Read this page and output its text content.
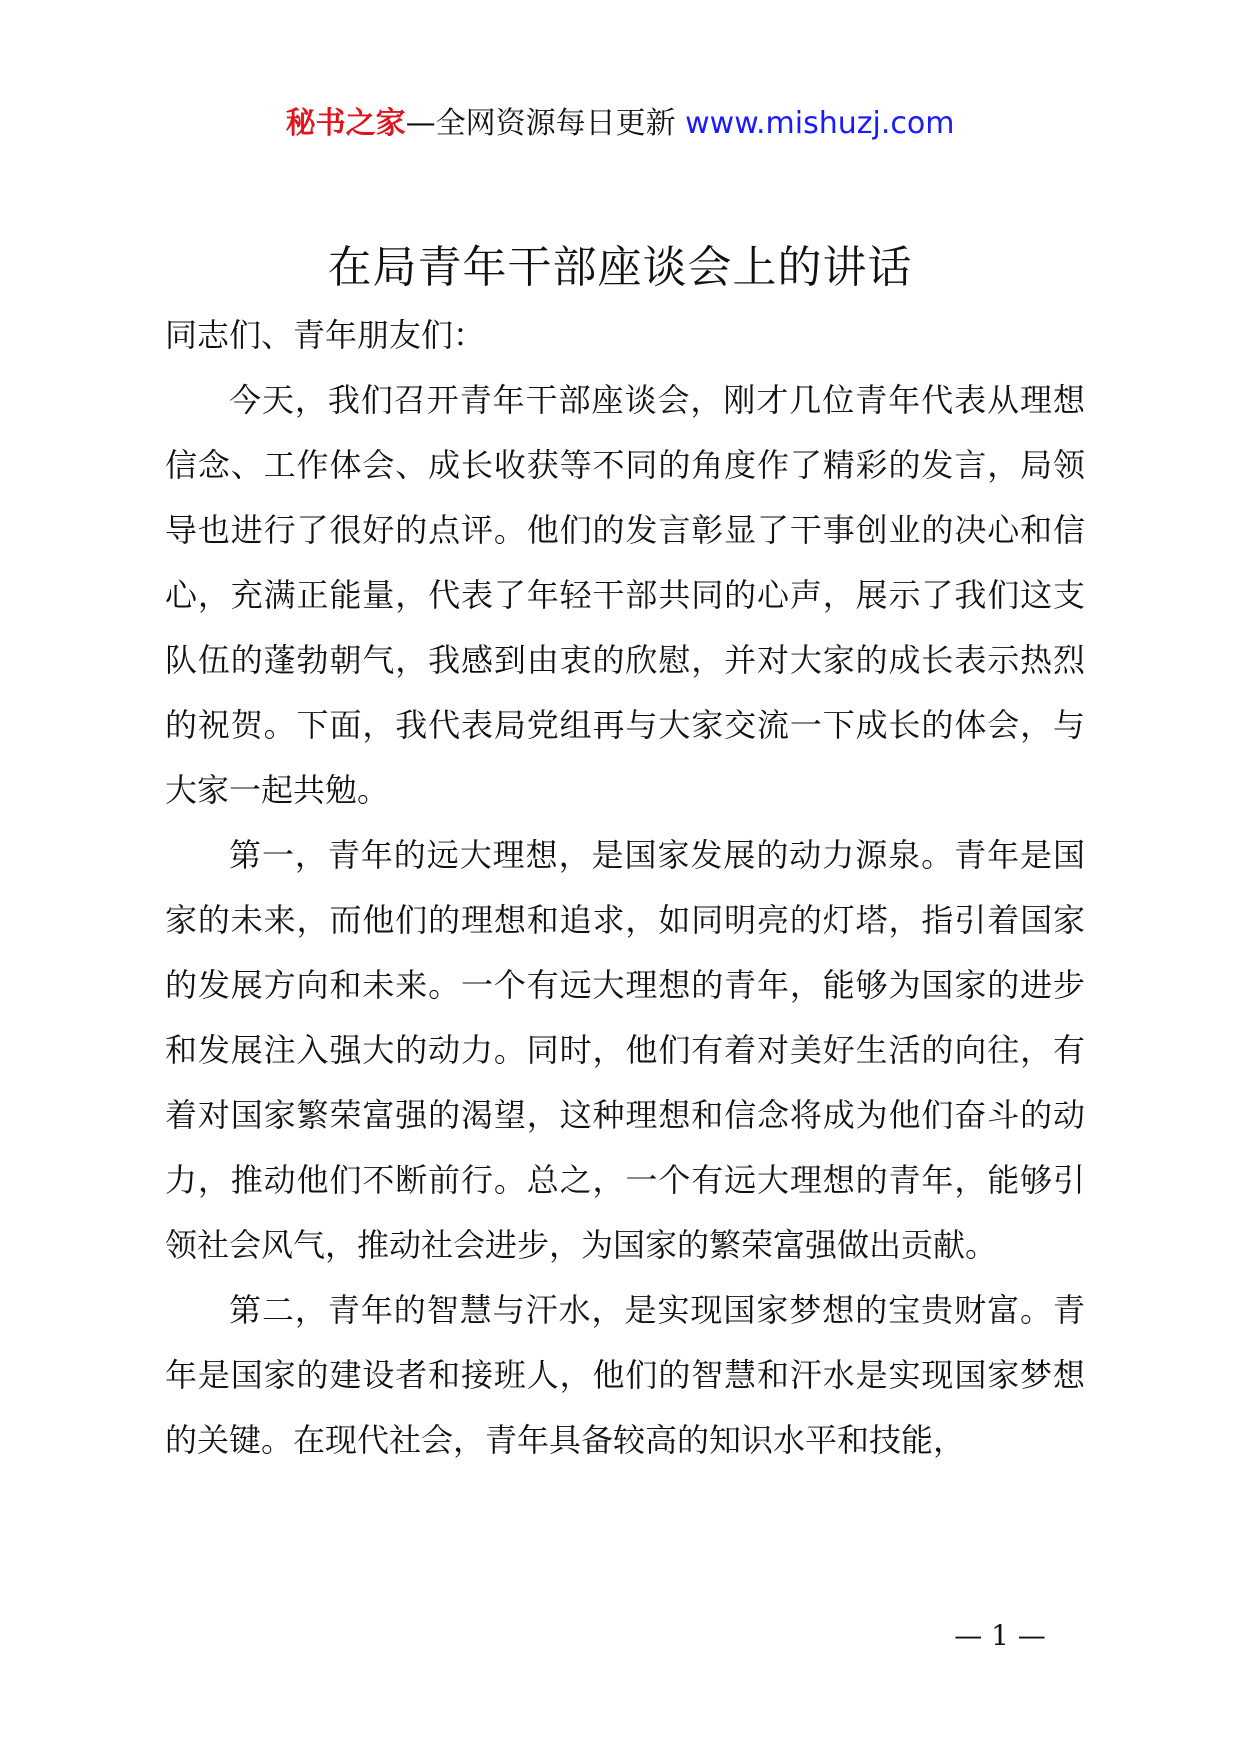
秘书之家—全网资源每日更新 www.mishuzj.com
在局青年干部座谈会上的讲话

同志们、青年朋友们：

今天，我们召开青年干部座谈会，刚才几位青年代表从理想信念、工作体会、成长收获等不同的角度作了精彩的发言，局领导也进行了很好的点评。他们的发言彰显了干事创业的决心和信心，充满正能量，代表了年轻干部共同的心声，展示了我们这支队伍的蓬勃朝气，我感到由衷的欣慰，并对大家的成长表示热烈的祝贺。下面，我代表局党组再与大家交流一下成长的体会，与大家一起共勉。

第一，青年的远大理想，是国家发展的动力源泉。青年是国家的未来，而他们的理想和追求，如同明亮的灯塔，指引着国家的发展方向和未来。一个有远大理想的青年，能够为国家的进步和发展注入强大的动力。同时，他们有着对美好生活的向往，有着对国家繁荣富强的渴望，这种理想和信念将成为他们奋斗的动力，推动他们不断前行。总之，一个有远大理想的青年，能够引领社会风气，推动社会进步，为国家的繁荣富强做出贡献。

第二，青年的智慧与汗水，是实现国家梦想的宝贵财富。青年是国家的建设者和接班人，他们的智慧和汗水是实现国家梦想的关键。在现代社会，青年具备较高的知识水平和技能，

— 1 —
